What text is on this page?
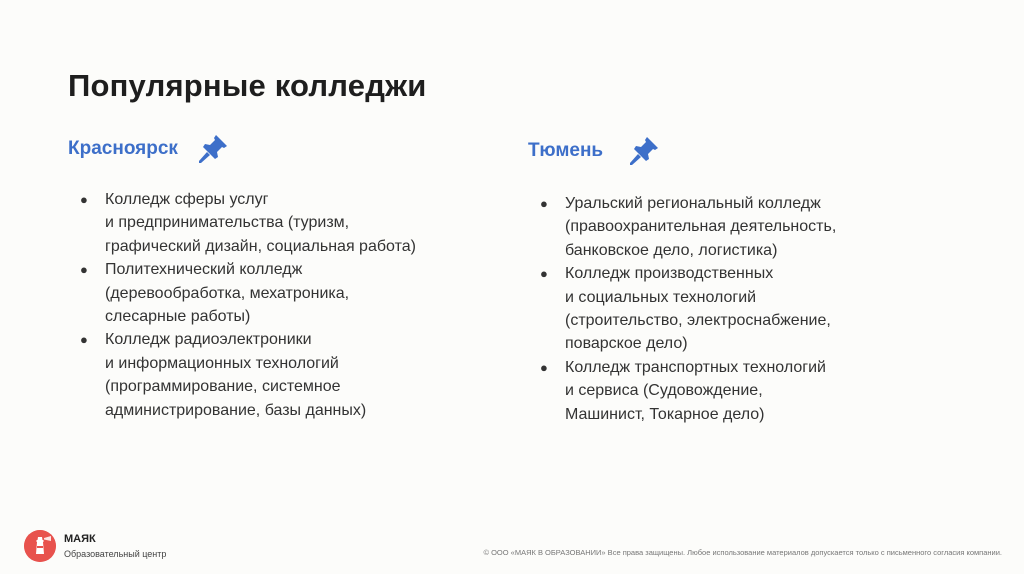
Популярные колледжи
Красноярск
● Колледж сферы услуг
и предпринимательства (туризм,
графический дизайн, социальная работа)
● Политехнический колледж
(деревообработка, мехатроника,
слесарные работы)
● Колледж радиоэлектроники
и информационных технологий
(программирование, системное
администрирование, базы данных)
Тюмень
● Уральский региональный колледж
(правоохранительная деятельность,
банковское дело, логистика)
● Колледж производственных
и социальных технологий
(строительство, электроснабжение,
поварское дело)
● Колледж транспортных технологий
и сервиса (Судовождение,
Машинист, Токарное дело)
МАЯК
Образовательный центр	© ООО «МАЯК В ОБРАЗОВАНИИ» Все права защищены. Любое использование материалов допускается только с письменного согласия компании.
